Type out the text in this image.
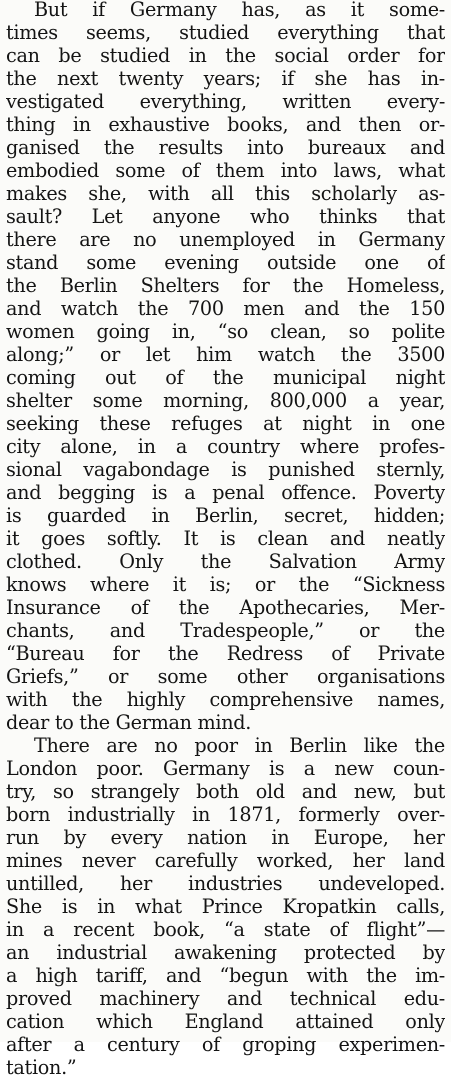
But if Germany has, as it some-
times seems, studied everything that
can be studied in the social order for
the next twenty years; if she has in-
vestigated everything, written every-
thing in exhaustive books, and then or-
ganised the results into bureaux and
embodied some of them into laws, what
makes she, with all this scholarly as-
sault? Let anyone who thinks that
there are no unemployed in Germany
stand some evening outside one of
the Berlin Shelters for the Homeless,
and watch the 700 men and the 150
women going in, “so clean, so polite
along;” or let him watch the 3500
coming out of the municipal night
shelter some morning, 800,000 a year,
seeking these refuges at night in one
city alone, in a country where profes-
sional vagabondage is punished sternly,
and begging is a penal offence. Poverty
is guarded in Berlin, secret, hidden;
it goes softly. It is clean and neatly
clothed. Only the Salvation Army
knows where it is; or the “Sickness
Insurance of the Apothecaries, Mer-
chants, and Tradespeople,” or the
“Bureau for the Redress of Private
Griefs,” or some other organisations
with the highly comprehensive names,
dear to the German mind.
There are no poor in Berlin like the
London poor. Germany is a new coun-
try, so strangely both old and new, but
born industrially in 1871, formerly over-
run by every nation in Europe, her
mines never carefully worked, her land
untilled, her industries undeveloped.
She is in what Prince Kropatkin calls,
in a recent book, “a state of flight”—
an industrial awakening protected by
a high tariff, and “begun with the im-
proved machinery and technical edu-
cation which England attained only
after a century of groping experimen-
tation.”
